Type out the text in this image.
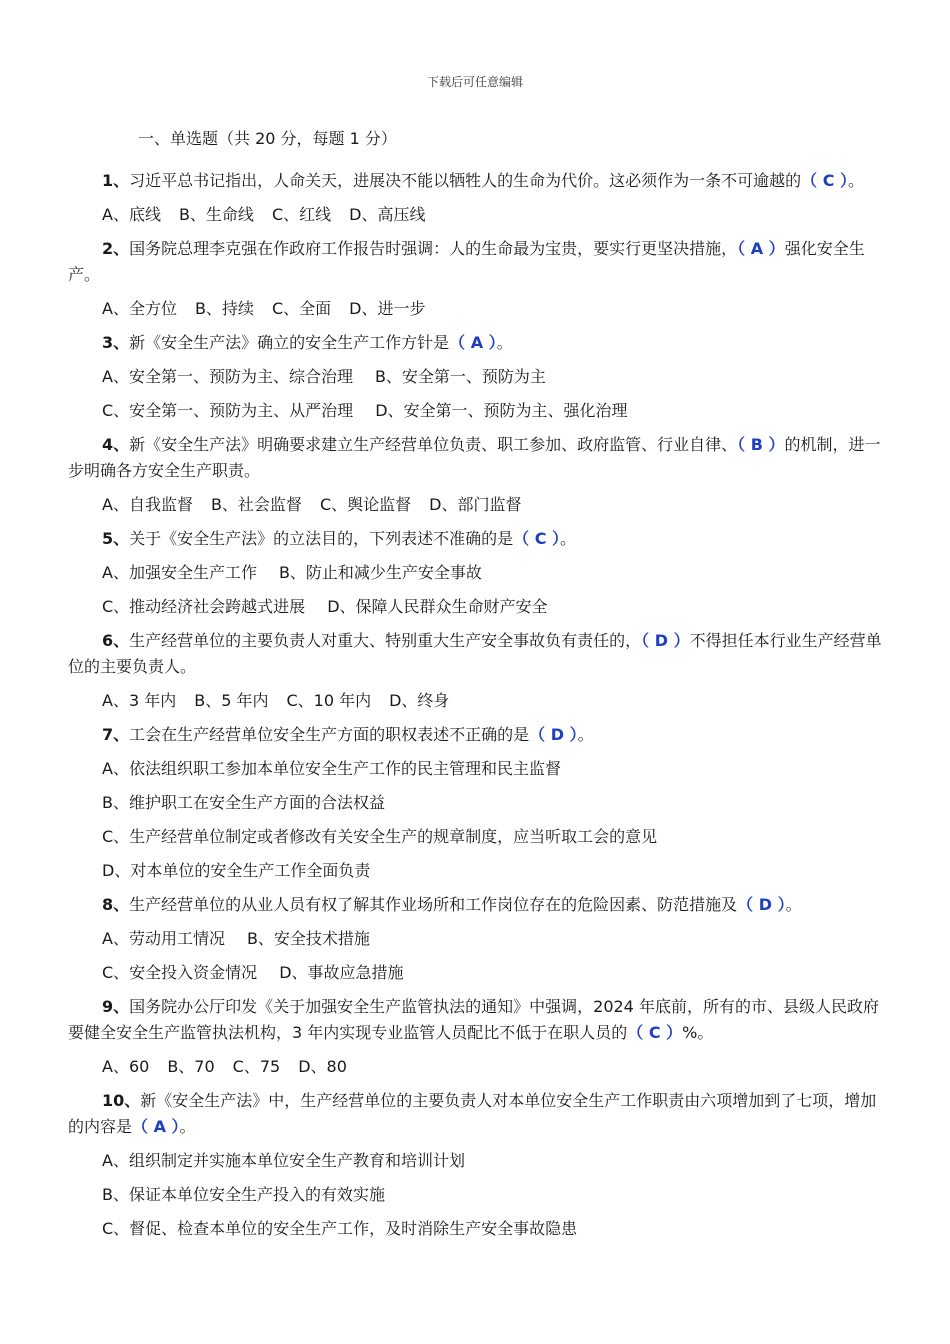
下载后可任意编辑
一、单选题（共 20 分，每题 1 分）

1、习近平总书记指出，人命关天，进展决不能以牺牲人的生命为代价。这必须作为一条不可逾越的（ C ）。

A、底线 B、生命线 C、红线 D、高压线

2、国务院总理李克强在作政府工作报告时强调：人的生命最为宝贵，要实行更坚决措施，（ A ）强化安全生产。

A、全方位 B、持续 C、全面 D、进一步

3、新《安全生产法》确立的安全生产工作方针是（ A ）。

A、安全第一、预防为主、综合治理 B、安全第一、预防为主

C、安全第一、预防为主、从严治理 D、安全第一、预防为主、强化治理

4、新《安全生产法》明确要求建立生产经营单位负责、职工参加、政府监管、行业自律、（ B ）的机制，进一步明确各方安全生产职责。

A、自我监督 B、社会监督 C、舆论监督 D、部门监督

5、关于《安全生产法》的立法目的，下列表述不准确的是（ C ）。

A、加强安全生产工作 B、防止和减少生产安全事故

C、推动经济社会跨越式进展 D、保障人民群众生命财产安全

6、生产经营单位的主要负责人对重大、特别重大生产安全事故负有责任的，（ D ）不得担任本行业生产经营单位的主要负责人。

A、3 年内 B、5 年内 C、10 年内 D、终身

7、工会在生产经营单位安全生产方面的职权表述不正确的是（ D ）。

A、依法组织职工参加本单位安全生产工作的民主管理和民主监督

B、维护职工在安全生产方面的合法权益

C、生产经营单位制定或者修改有关安全生产的规章制度，应当听取工会的意见

D、对本单位的安全生产工作全面负责

8、生产经营单位的从业人员有权了解其作业场所和工作岗位存在的危险因素、防范措施及（ D ）。

A、劳动用工情况 B、安全技术措施

C、安全投入资金情况 D、事故应急措施

9、国务院办公厅印发《关于加强安全生产监管执法的通知》中强调，2024 年底前，所有的市、县级人民政府要健全安全生产监管执法机构，3 年内实现专业监管人员配比不低于在职人员的（ C ）%。

A、60 B、70 C、75 D、80

10、新《安全生产法》中，生产经营单位的主要负责人对本单位安全生产工作职责由六项增加到了七项，增加的内容是（ A ）。

A、组织制定并实施本单位安全生产教育和培训计划

B、保证本单位安全生产投入的有效实施

C、督促、检查本单位的安全生产工作，及时消除生产安全事故隐患
